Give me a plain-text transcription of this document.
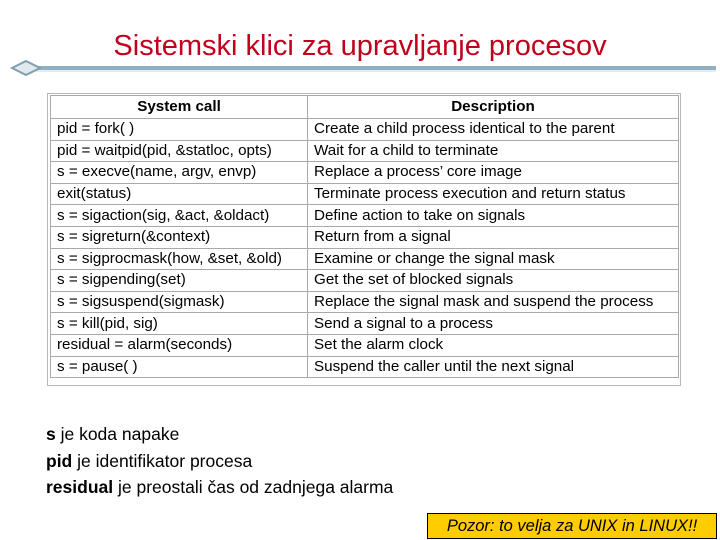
Sistemski klici za upravljanje procesov
System call	Description
pid = fork( )	Create a child process identical to the parent
pid = waitpid(pid, &statloc, opts)	Wait for a child to terminate
s = execve(name, argv, envp)	Replace a process’ core image
exit(status)	Terminate process execution and return status
s = sigaction(sig, &act, &oldact)	Define action to take on signals
s = sigreturn(&context)	Return from a signal
s = sigprocmask(how, &set, &old)	Examine or change the signal mask
s = sigpending(set)	Get the set of blocked signals
s = sigsuspend(sigmask)	Replace the signal mask and suspend the process
s = kill(pid, sig)	Send a signal to a process
residual = alarm(seconds)	Set the alarm clock
s = pause( )	Suspend the caller until the next signal
s je koda napake
pid je identifikator procesa
residual je preostali čas od zadnjega alarma
Pozor: to velja za UNIX in LINUX!!
